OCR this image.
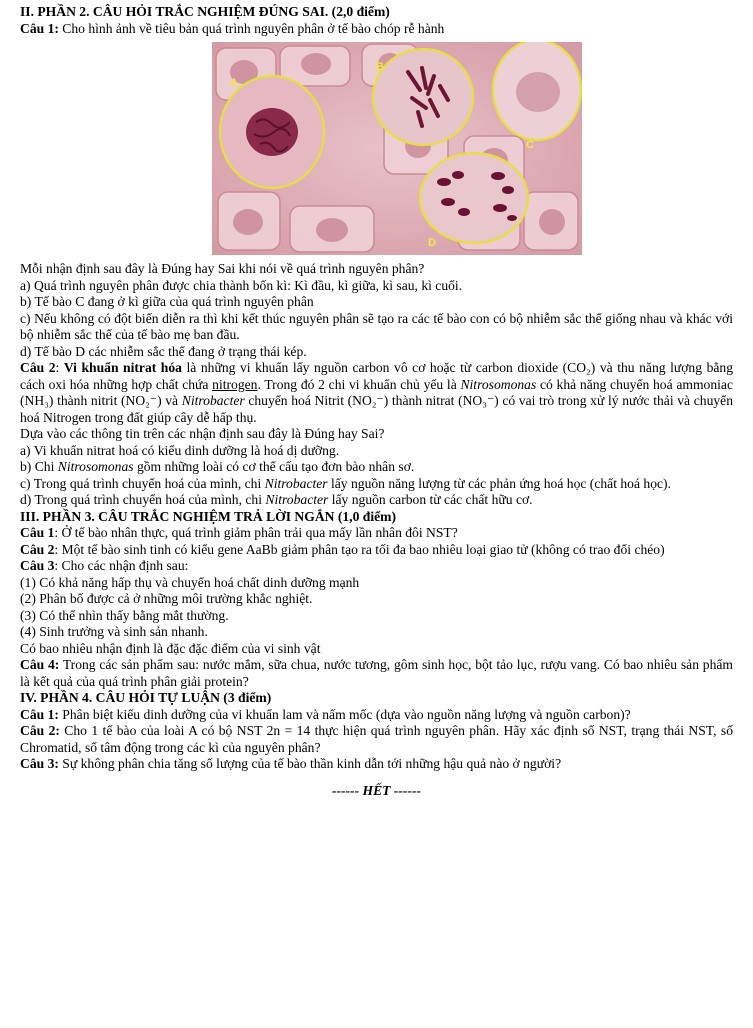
II. PHẦN 2. CÂU HỎI TRẮC NGHIỆM ĐÚNG SAI. (2,0 điểm)

Câu 1: Cho hình ảnh về tiêu bản quá trình nguyên phân ở tế bào chóp rễ hành

A
B
C
D

Mỗi nhận định sau đây là Đúng hay Sai khi nói về quá trình nguyên phân?

a) Quá trình nguyên phân được chia thành bốn kì: Kì đầu, kì giữa, kì sau, kì cuối.

b) Tế bào C đang ở kì giữa của quá trình nguyên phân

c) Nếu không có đột biến diễn ra thì khi kết thúc nguyên phân sẽ tạo ra các tế bào con có bộ nhiễm sắc thể giống nhau và khác với bộ nhiễm sắc thể của tế bào mẹ ban đầu.

d) Tế bào D các nhiễm sắc thể đang ở trạng thái kép.

Câu 2: Vi khuẩn nitrat hóa là những vi khuẩn lấy nguồn carbon vô cơ hoặc từ carbon dioxide (CO₂) và thu năng lượng bằng cách oxi hóa những hợp chất chứa nitrogen. Trong đó 2 chi vi khuẩn chủ yếu là Nitrosomonas có khả năng chuyển hoá ammoniac (NH₃) thành nitrit (NO₂⁻) và Nitrobacter chuyển hoá Nitrit (NO₂⁻) thành nitrat (NO₃⁻) có vai trò trong xử lý nước thải và chuyển hoá Nitrogen trong đất giúp cây dễ hấp thụ.

Dựa vào các thông tin trên các nhận định sau đây là Đúng hay Sai?

a) Vi khuẩn nitrat hoá có kiểu dinh dưỡng là hoá dị dưỡng.

b) Chi Nitrosomonas gồm những loài có cơ thể cấu tạo đơn bào nhân sơ.

c) Trong quá trình chuyển hoá của mình, chi Nitrobacter lấy nguồn năng lượng từ các phản ứng hoá học (chất hoá học).

d) Trong quá trình chuyển hoá của mình, chi Nitrobacter lấy nguồn carbon từ các chất hữu cơ.

III. PHẦN 3. CÂU TRẮC NGHIỆM TRẢ LỜI NGẮN (1,0 điểm)

Câu 1: Ở tế bào nhân thực, quá trình giảm phân trải qua mấy lần nhân đôi NST?

Câu 2: Một tế bào sinh tinh có kiểu gene AaBb giảm phân tạo ra tối đa bao nhiêu loại giao tử (không có trao đổi chéo)

Câu 3: Cho các nhận định sau:

(1) Có khả năng hấp thụ và chuyển hoá chất dinh dưỡng mạnh

(2) Phân bố được cả ở những môi trường khắc nghiệt.

(3) Có thể nhìn thấy bằng mắt thường.

(4) Sinh trưởng và sinh sản nhanh.

Có bao nhiêu nhận định là đặc đặc điểm của vi sinh vật

Câu 4: Trong các sản phẩm sau: nước mắm, sữa chua, nước tương, gôm sinh học, bột tảo lục, rượu vang. Có bao nhiêu sản phẩm là kết quả của quá trình phân giải protein?

IV. PHẦN 4. CÂU HỎI TỰ LUẬN (3 điểm)

Câu 1: Phân biệt kiểu dinh dưỡng của vi khuẩn lam và nấm mốc (dựa vào nguồn năng lượng và nguồn carbon)?

Câu 2: Cho 1 tế bào của loài A có bộ NST 2n = 14 thực hiện quá trình nguyên phân. Hãy xác định số NST, trạng thái NST, số Chromatid, số tâm động trong các kì của nguyên phân?

Câu 3: Sự không phân chia tăng số lượng của tế bào thần kinh dẫn tới những hậu quả nào ở người?

------ HẾT ------
